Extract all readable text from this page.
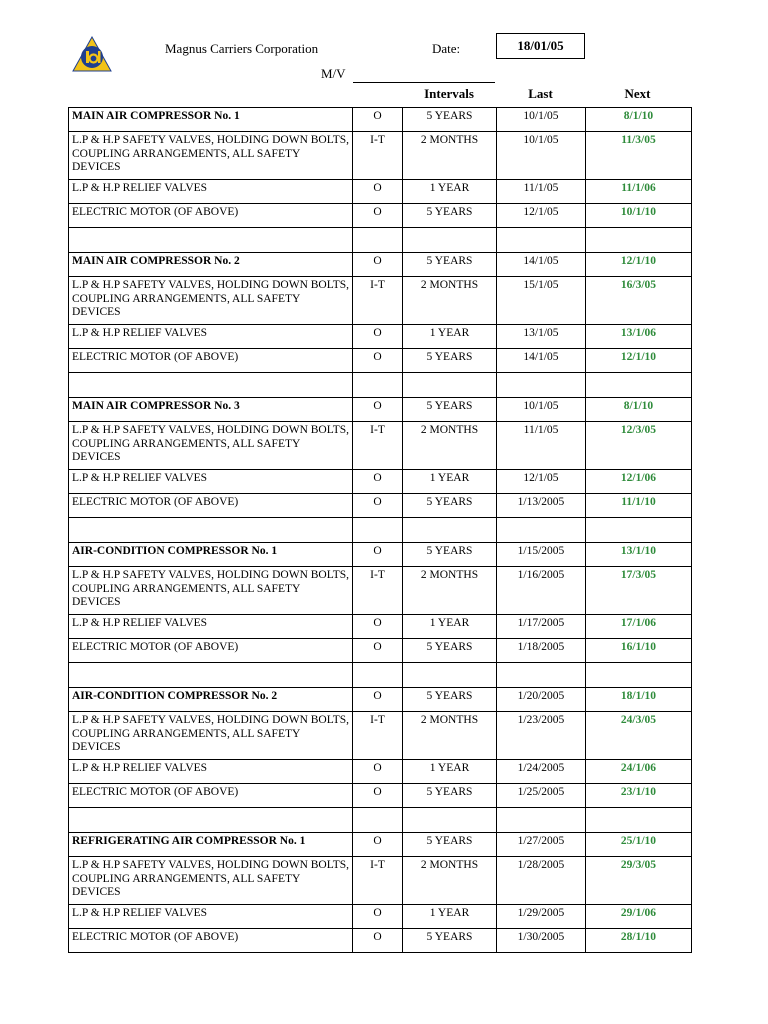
Magnus Carriers Corporation	Date:	18/01/05
M/V
Intervals	Last	Next
MAIN AIR COMPRESSOR No. 1	O	5 YEARS	10/1/05	8/1/10
L.P & H.P SAFETY VALVES, HOLDING DOWN BOLTS, COUPLING ARRANGEMENTS, ALL SAFETY DEVICES	I-T	2 MONTHS	10/1/05	11/3/05
L.P & H.P RELIEF VALVES	O	1 YEAR	11/1/05	11/1/06
ELECTRIC MOTOR (OF ABOVE)	O	5 YEARS	12/1/05	10/1/10

MAIN AIR COMPRESSOR No. 2	O	5 YEARS	14/1/05	12/1/10
L.P & H.P SAFETY VALVES, HOLDING DOWN BOLTS, COUPLING ARRANGEMENTS, ALL SAFETY DEVICES	I-T	2 MONTHS	15/1/05	16/3/05
L.P & H.P RELIEF VALVES	O	1 YEAR	13/1/05	13/1/06
ELECTRIC MOTOR (OF ABOVE)	O	5 YEARS	14/1/05	12/1/10

MAIN AIR COMPRESSOR No. 3	O	5 YEARS	10/1/05	8/1/10
L.P & H.P SAFETY VALVES, HOLDING DOWN BOLTS, COUPLING ARRANGEMENTS, ALL SAFETY DEVICES	I-T	2 MONTHS	11/1/05	12/3/05
L.P & H.P RELIEF VALVES	O	1 YEAR	12/1/05	12/1/06
ELECTRIC MOTOR (OF ABOVE)	O	5 YEARS	1/13/2005	11/1/10

AIR-CONDITION COMPRESSOR No. 1	O	5 YEARS	1/15/2005	13/1/10
L.P & H.P SAFETY VALVES, HOLDING DOWN BOLTS, COUPLING ARRANGEMENTS, ALL SAFETY DEVICES	I-T	2 MONTHS	1/16/2005	17/3/05
L.P & H.P RELIEF VALVES	O	1 YEAR	1/17/2005	17/1/06
ELECTRIC MOTOR (OF ABOVE)	O	5 YEARS	1/18/2005	16/1/10

AIR-CONDITION COMPRESSOR No. 2	O	5 YEARS	1/20/2005	18/1/10
L.P & H.P SAFETY VALVES, HOLDING DOWN BOLTS, COUPLING ARRANGEMENTS, ALL SAFETY DEVICES	I-T	2 MONTHS	1/23/2005	24/3/05
L.P & H.P RELIEF VALVES	O	1 YEAR	1/24/2005	24/1/06
ELECTRIC MOTOR (OF ABOVE)	O	5 YEARS	1/25/2005	23/1/10

REFRIGERATING AIR COMPRESSOR No. 1	O	5 YEARS	1/27/2005	25/1/10
L.P & H.P SAFETY VALVES, HOLDING DOWN BOLTS, COUPLING ARRANGEMENTS, ALL SAFETY DEVICES	I-T	2 MONTHS	1/28/2005	29/3/05
L.P & H.P RELIEF VALVES	O	1 YEAR	1/29/2005	29/1/06
ELECTRIC MOTOR (OF ABOVE)	O	5 YEARS	1/30/2005	28/1/10
